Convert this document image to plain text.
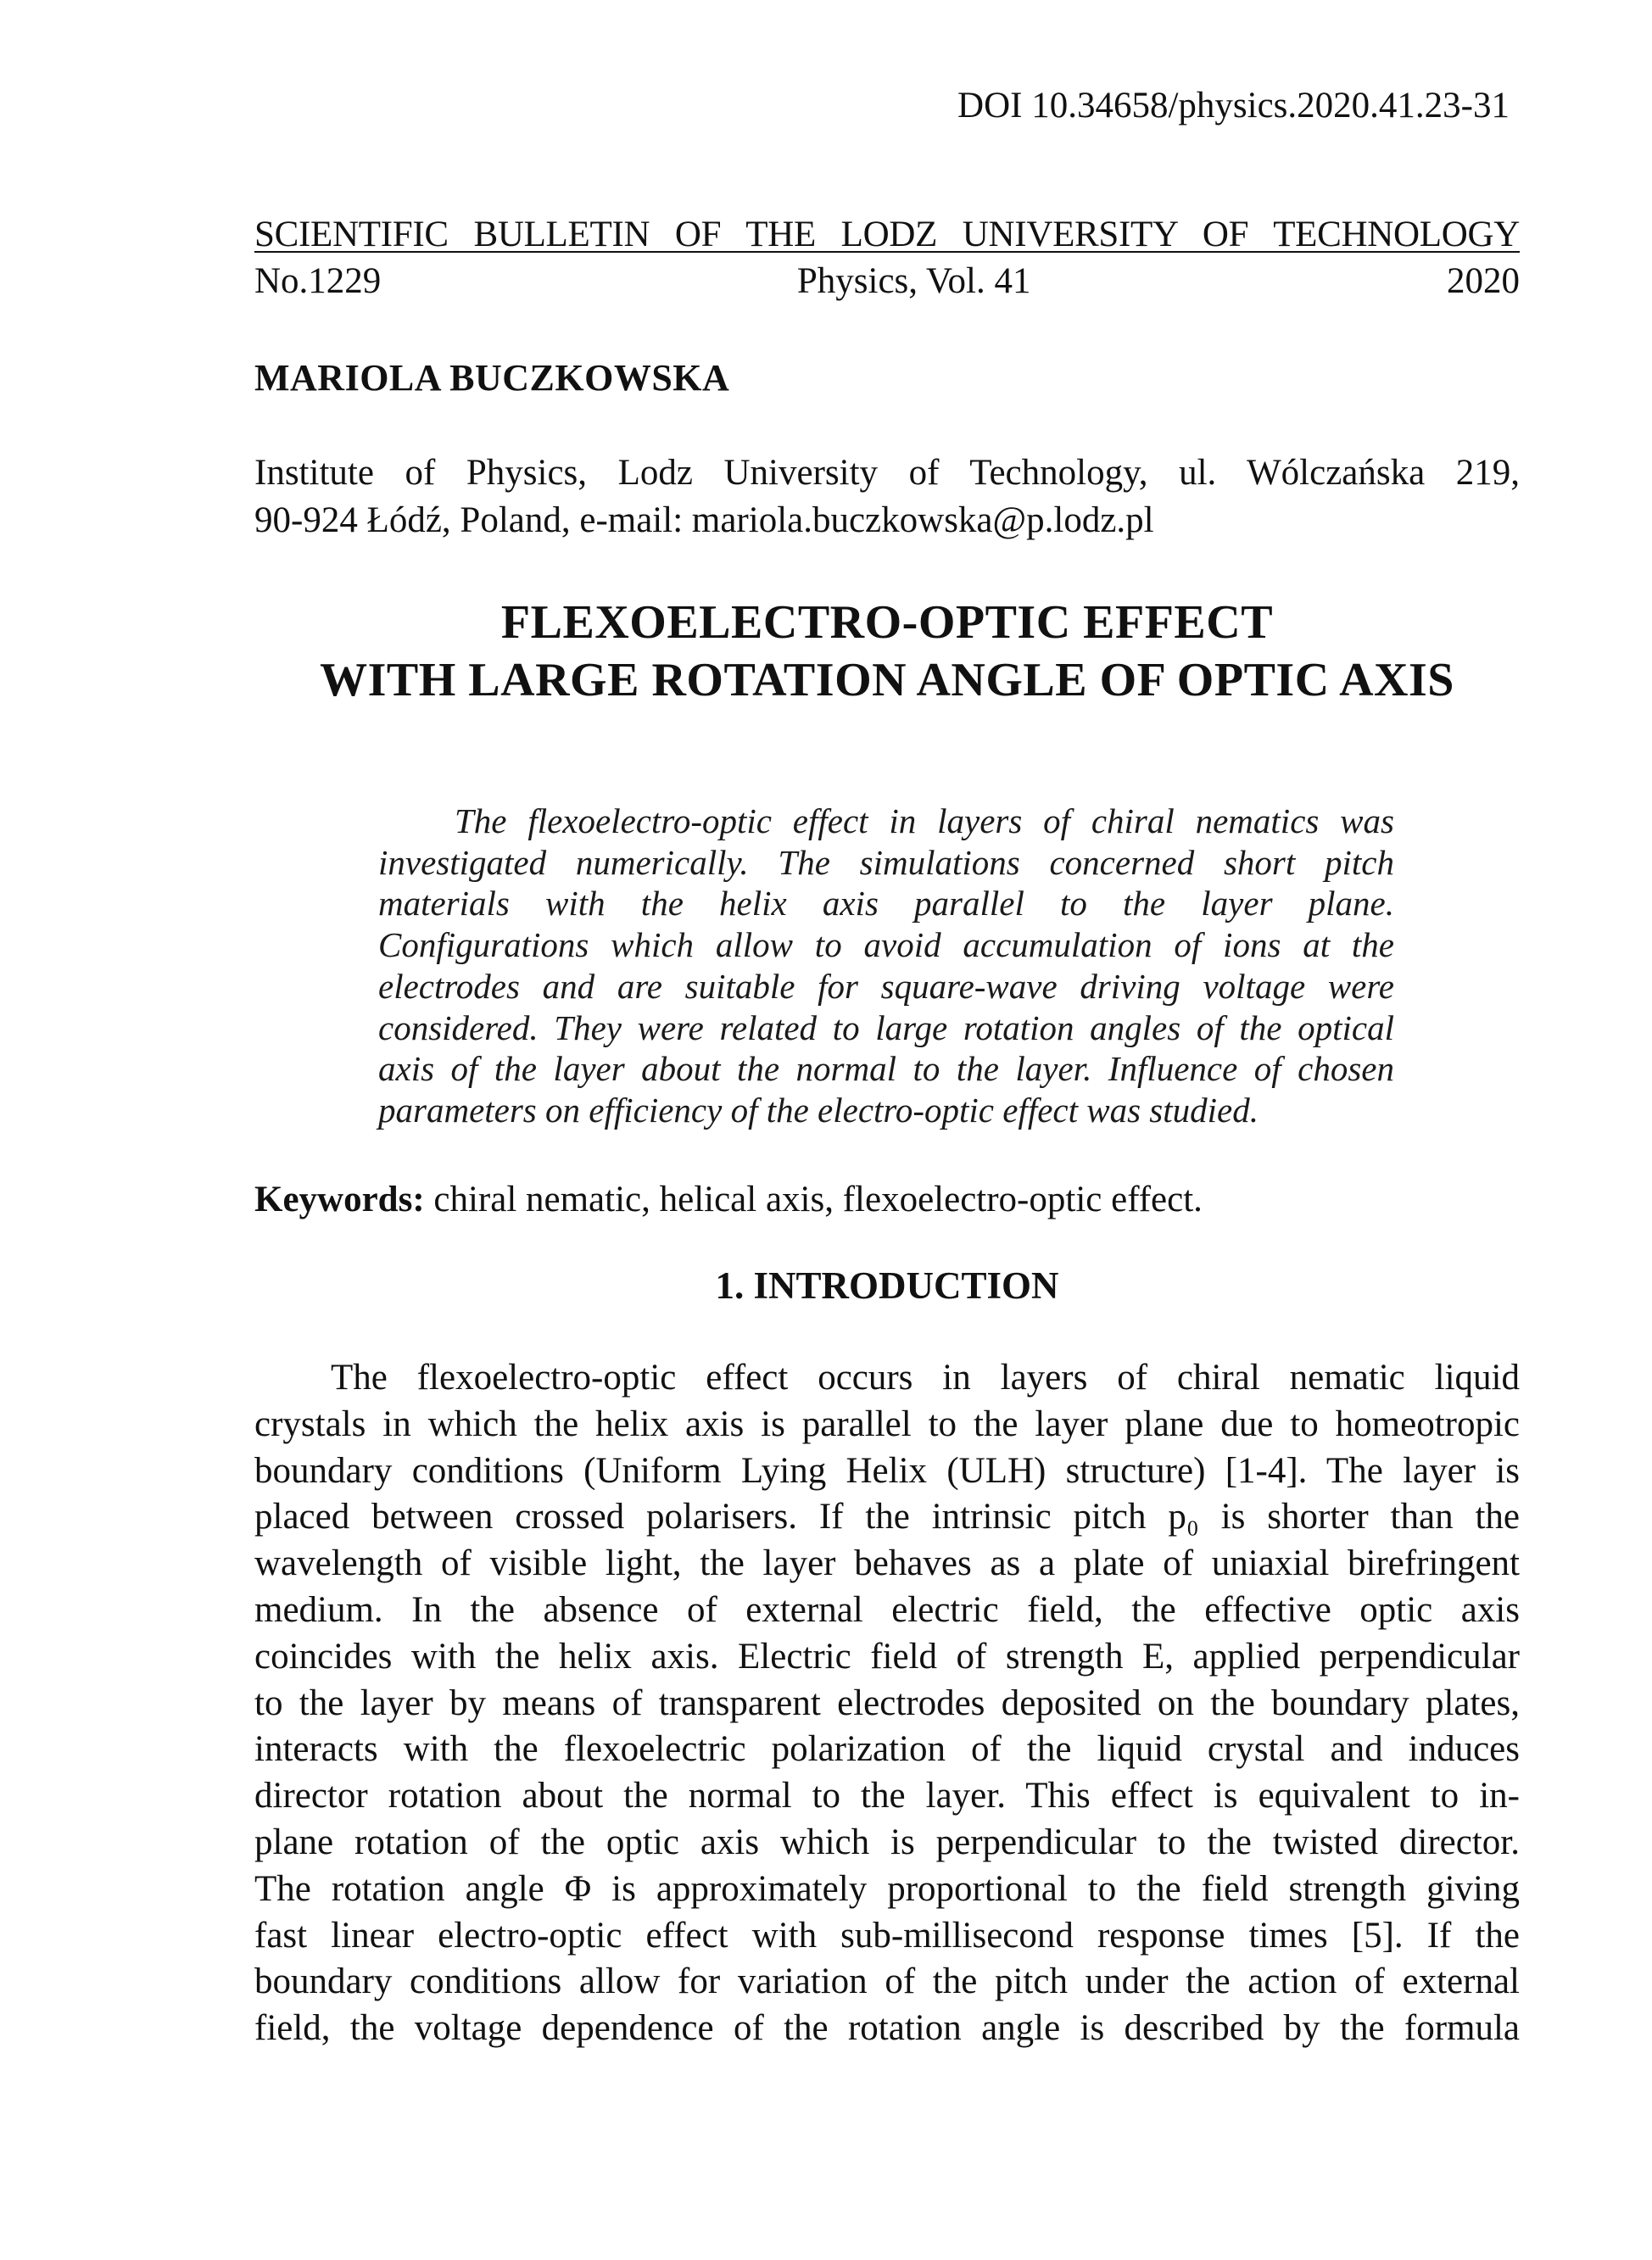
DOI 10.34658/physics.2020.41.23-31
SCIENTIFIC BULLETIN OF THE LODZ UNIVERSITY OF TECHNOLOGY
No.1229	Physics, Vol. 41	2020
MARIOLA BUCZKOWSKA
Institute of Physics, Lodz University of Technology, ul. Wólczańska 219,
90-924 Łódź, Poland, e-mail: mariola.buczkowska@p.lodz.pl
FLEXOELECTRO-OPTIC EFFECT
WITH LARGE ROTATION ANGLE OF OPTIC AXIS
The flexoelectro-optic effect in layers of chiral nematics was
investigated numerically. The simulations concerned short pitch
materials with the helix axis parallel to the layer plane.
Configurations which allow to avoid accumulation of ions at the
electrodes and are suitable for square-wave driving voltage were
considered. They were related to large rotation angles of the optical
axis of the layer about the normal to the layer. Influence of chosen
parameters on efficiency of the electro-optic effect was studied.
Keywords: chiral nematic, helical axis, flexoelectro-optic effect.
1. INTRODUCTION
The flexoelectro-optic effect occurs in layers of chiral nematic liquid
crystals in which the helix axis is parallel to the layer plane due to homeotropic
boundary conditions (Uniform Lying Helix (ULH) structure) [1-4]. The layer is
placed between crossed polarisers. If the intrinsic pitch p₀ is shorter than the
wavelength of visible light, the layer behaves as a plate of uniaxial birefringent
medium. In the absence of external electric field, the effective optic axis
coincides with the helix axis. Electric field of strength E, applied perpendicular
to the layer by means of transparent electrodes deposited on the boundary plates,
interacts with the flexoelectric polarization of the liquid crystal and induces
director rotation about the normal to the layer. This effect is equivalent to in-
plane rotation of the optic axis which is perpendicular to the twisted director.
The rotation angle Φ is approximately proportional to the field strength giving
fast linear electro-optic effect with sub-millisecond response times [5]. If the
boundary conditions allow for variation of the pitch under the action of external
field, the voltage dependence of the rotation angle is described by the formula
